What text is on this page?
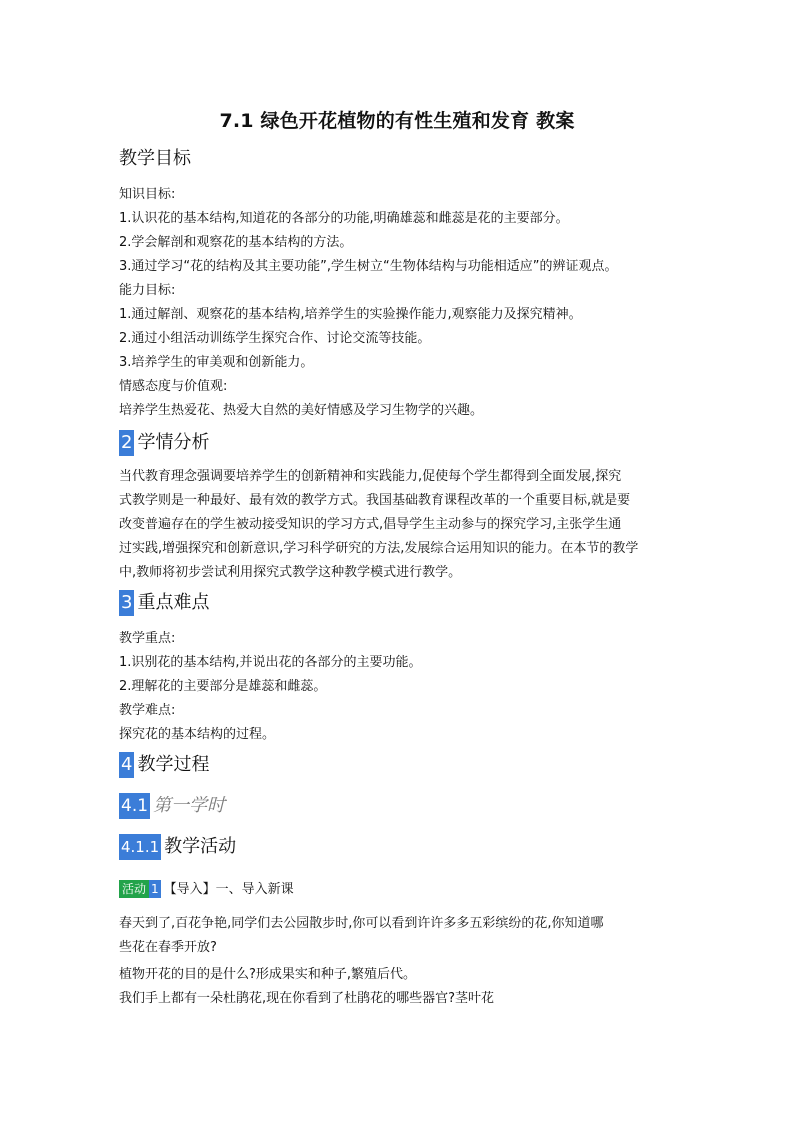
7.1 绿色开花植物的有性生殖和发育 教案
教学目标
知识目标:
1.认识花的基本结构,知道花的各部分的功能,明确雄蕊和雌蕊是花的主要部分。
2.学会解剖和观察花的基本结构的方法。
3.通过学习“花的结构及其主要功能”,学生树立“生物体结构与功能相适应”的辨证观点。
能力目标:
1.通过解剖、观察花的基本结构,培养学生的实验操作能力,观察能力及探究精神。
2.通过小组活动训练学生探究合作、讨论交流等技能。
3.培养学生的审美观和创新能力。
情感态度与价值观:
培养学生热爱花、热爱大自然的美好情感及学习生物学的兴趣。
2 学情分析
当代教育理念强调要培养学生的创新精神和实践能力,促使每个学生都得到全面发展,探究
式教学则是一种最好、最有效的教学方式。我国基础教育课程改革的一个重要目标,就是要
改变普遍存在的学生被动接受知识的学习方式,倡导学生主动参与的探究学习,主张学生通
过实践,增强探究和创新意识,学习科学研究的方法,发展综合运用知识的能力。在本节的教学
中,教师将初步尝试利用探究式教学这种教学模式进行教学。
3 重点难点
教学重点:
1.识别花的基本结构,并说出花的各部分的主要功能。
2.理解花的主要部分是雄蕊和雌蕊。
教学难点:
探究花的基本结构的过程。
4 教学过程
4.1 第一学时
4.1.1 教学活动
活动 1 【导入】一、导入新课
春天到了,百花争艳,同学们去公园散步时,你可以看到许许多多五彩缤纷的花,你知道哪
些花在春季开放?
植物开花的目的是什么?形成果实和种子,繁殖后代。
我们手上都有一朵杜鹃花,现在你看到了杜鹃花的哪些器官?茎叶花
